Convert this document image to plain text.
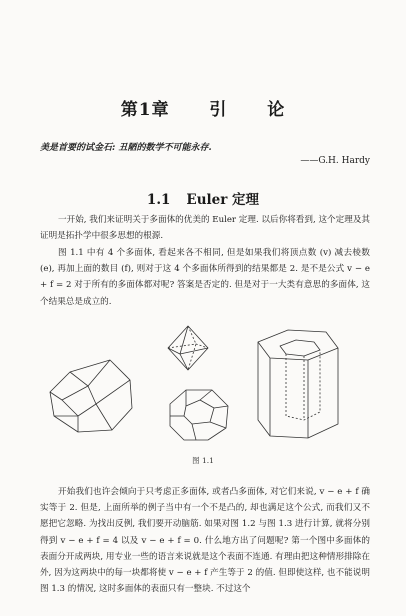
第1章 引 论
美是首要的试金石: 丑陋的数学不可能永存.
——G.H. Hardy
1.1 Euler 定理
一开始, 我们来证明关于多面体的优美的 Euler 定理. 以后你将看到, 这个定理及其证明是拓扑学中很多思想的根源.
图 1.1 中有 4 个多面体, 看起来各不相同, 但是如果我们将顶点数 (v) 减去棱数 (e), 再加上面的数目 (f), 则对于这 4 个多面体所得到的结果都是 2. 是不是公式 v − e + f = 2 对于所有的多面体都对呢? 答案是否定的. 但是对于一大类有意思的多面体, 这个结果总是成立的.
图 1.1
开始我们也许会倾向于只考虑正多面体, 或者凸多面体, 对它们来说, v − e + f 确实等于 2. 但是, 上面所举的例子当中有一个不是凸的, 却也满足这个公式, 而我们又不愿把它忽略. 为找出反例, 我们要开动脑筋. 如果对图 1.2 与图 1.3 进行计算, 就将分别得到 v − e + f = 4 以及 v − e + f = 0. 什么地方出了问题呢? 第一个图中多面体的表面分开成两块, 用专业一些的语言来说就是这个表面不连通. 有理由把这种情形排除在外, 因为这两块中的每一块都将使 v − e + f 产生等于 2 的值. 但即使这样, 也不能说明图 1.3 的情况, 这时多面体的表面只有一整块. 不过这个
